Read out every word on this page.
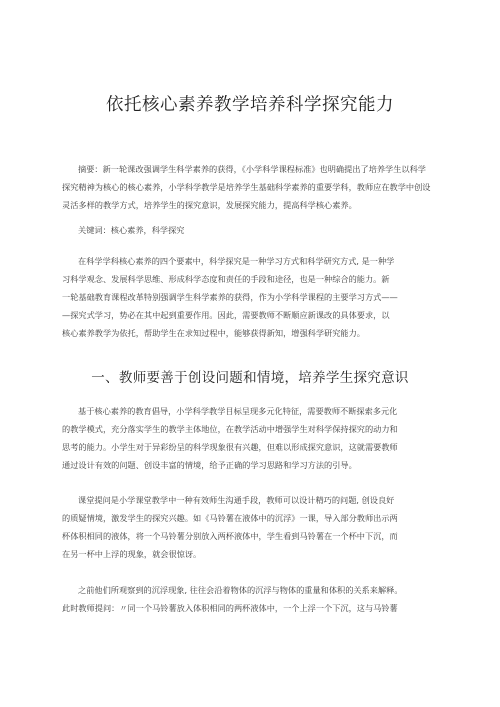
依托核心素养教学培养科学探究能力
摘要：新一轮课改强调学生科学素养的获得，《小学科学课程标准》也明确提出了培养学生以科学
探究精神为核心的核心素养，小学科学教学是培养学生基础科学素养的重要学科，教师应在教学中创设
灵活多样的教学方式，培养学生的探究意识，发展探究能力，提高科学核心素养。
关键词：核心素养，科学探究
在科学学科核心素养的四个要素中，科学探究是一种学习方式和科学研究方式, 是一种学
习科学观念、发展科学思维、形成科学态度和责任的手段和途径，也是一种综合的能力。新
一轮基础教育课程改革特别强调学生科学素养的获得，作为小学科学课程的主要学习方式——
—探究式学习，势必在其中起到重要作用。因此，需要教师不断顺应新课改的具体要求，以
核心素养教学为依托，帮助学生在求知过程中，能够获得新知，增强科学研究能力。
一、教师要善于创设问题和情境，培养学生探究意识
基于核心素养的教育倡导，小学科学教学目标呈现多元化特征，需要教师不断探索多元化
的教学模式，充分落实学生的教学主体地位，在教学活动中增强学生对科学保持探究的动力和
思考的能力。小学生对于异彩纷呈的科学现象很有兴趣，但难以形成探究意识，这就需要教师
通过设计有效的问题、创设丰富的情境，给予正确的学习思路和学习方法的引导。
课堂提问是小学课堂教学中一种有效师生沟通手段，教师可以设计精巧的问题, 创设良好
的质疑情境，激发学生的探究兴趣。如《马铃薯在液体中的沉浮》一课，导入部分教师出示两
杯体积相同的液体，将一个马铃薯分别放入两杯液体中，学生看到马铃薯在一个杯中下沉，而
在另一杯中上浮的现象，就会很惊讶。
之前他们所观察到的沉浮现象, 往往会沿着物体的沉浮与物体的重量和体积的关系来解释。
此时教师提问：〃同一个马铃薯放入体积相同的两杯液体中，一个上浮一个下沉，这与马铃薯
